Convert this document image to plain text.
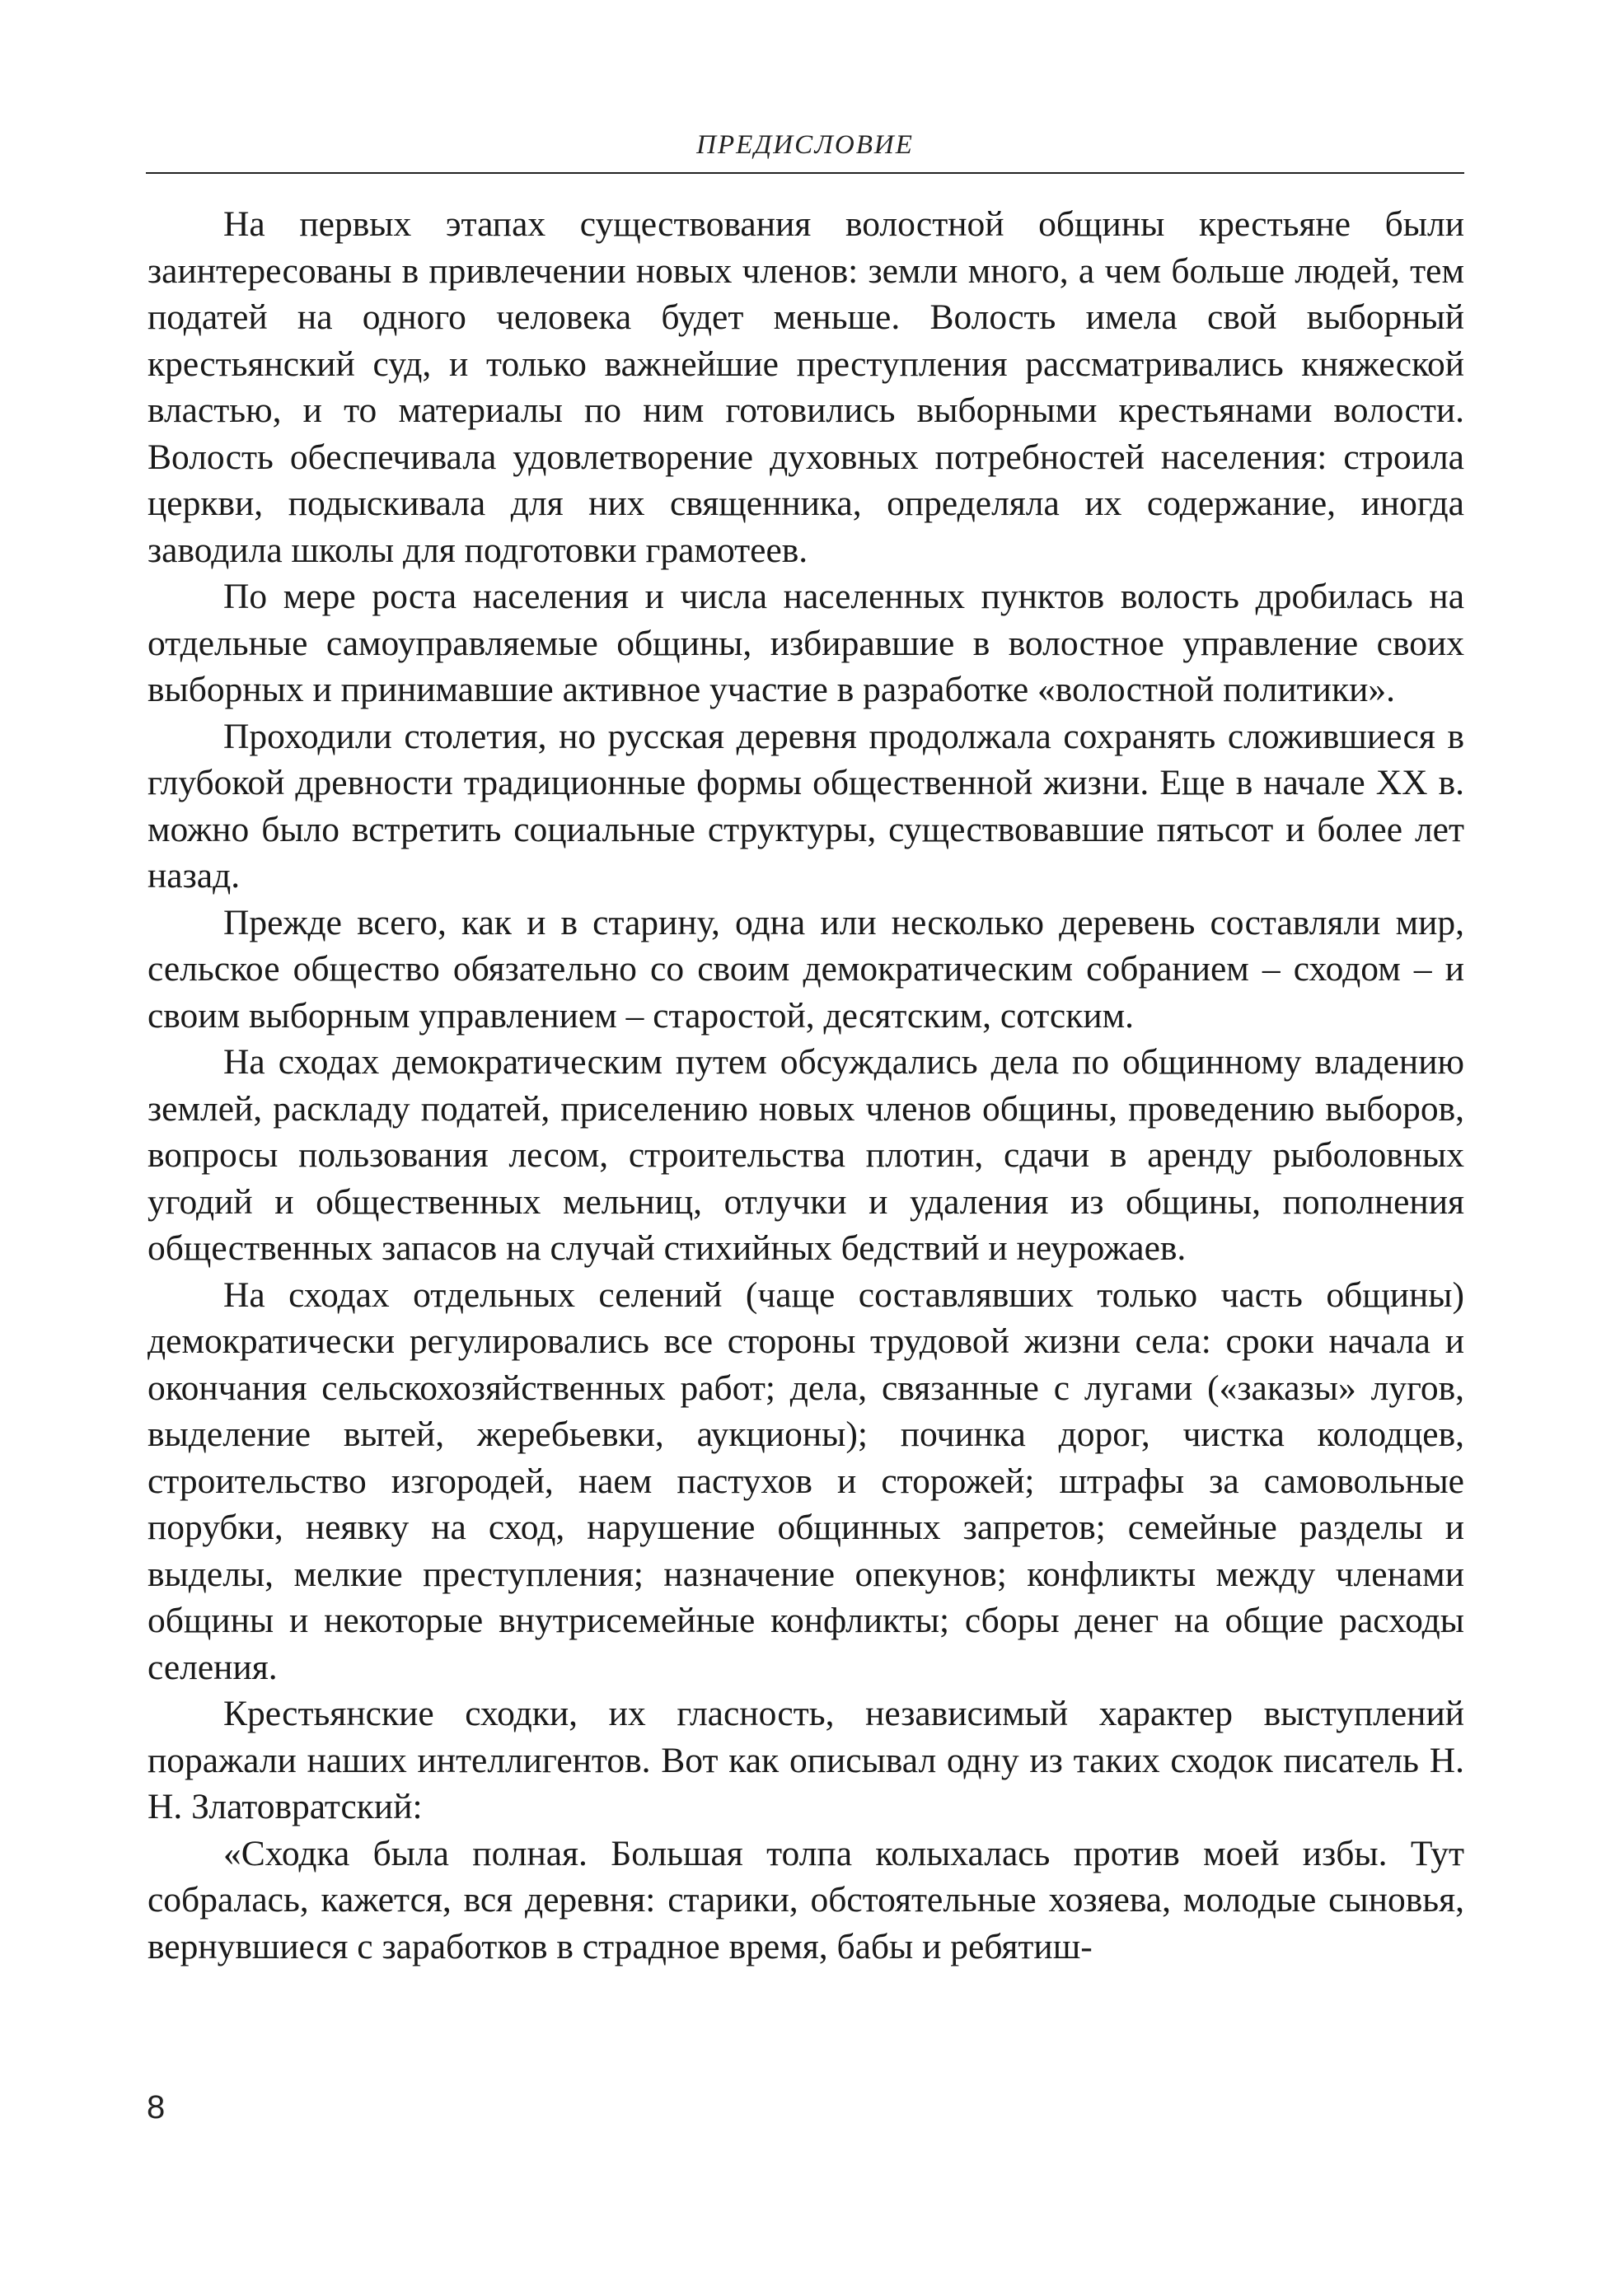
ПРЕДИСЛОВИЕ

На первых этапах существования волостной общины крестьяне были заинтересованы в привлечении новых членов: земли много, а чем больше людей, тем податей на одного человека будет меньше. Волость имела свой выборный крестьянский суд, и только важнейшие преступления рассматривались княжеской властью, и то материалы по ним готовились выборными крестьянами волости. Волость обеспечивала удовлетворение духовных потребностей населения: строила церкви, подыскивала для них священника, определяла их содержание, иногда заводила школы для подготовки грамотеев.

По мере роста населения и числа населенных пунктов волость дробилась на отдельные самоуправляемые общины, избиравшие в волостное управление своих выборных и принимавшие активное участие в разработке «волостной политики».

Проходили столетия, но русская деревня продолжала сохранять сложившиеся в глубокой древности традиционные формы общественной жизни. Еще в начале XX в. можно было встретить социальные структуры, существовавшие пятьсот и более лет назад.

Прежде всего, как и в старину, одна или несколько деревень составляли мир, сельское общество обязательно со своим демократическим собранием – сходом – и своим выборным управлением – старостой, десятским, сотским.

На сходах демократическим путем обсуждались дела по общинному владению землей, раскладу податей, приселению новых членов общины, проведению выборов, вопросы пользования лесом, строительства плотин, сдачи в аренду рыболовных угодий и общественных мельниц, отлучки и удаления из общины, пополнения общественных запасов на случай стихийных бедствий и неурожаев.

На сходах отдельных селений (чаще составлявших только часть общины) демократически регулировались все стороны трудовой жизни села: сроки начала и окончания сельскохозяйственных работ; дела, связанные с лугами («заказы» лугов, выделение вытей, жеребьевки, аукционы); починка дорог, чистка колодцев, строительство изгородей, наем пастухов и сторожей; штрафы за самовольные порубки, неявку на сход, нарушение общинных запретов; семейные разделы и выделы, мелкие преступления; назначение опекунов; конфликты между членами общины и некоторые внутрисемейные конфликты; сборы денег на общие расходы селения.

Крестьянские сходки, их гласность, независимый характер выступлений поражали наших интеллигентов. Вот как описывал одну из таких сходок писатель Н. Н. Златовратский:

«Сходка была полная. Большая толпа колыхалась против моей избы. Тут собралась, кажется, вся деревня: старики, обстоятельные хозяева, молодые сыновья, вернувшиеся с заработков в страдное время, бабы и ребятиш-

8
